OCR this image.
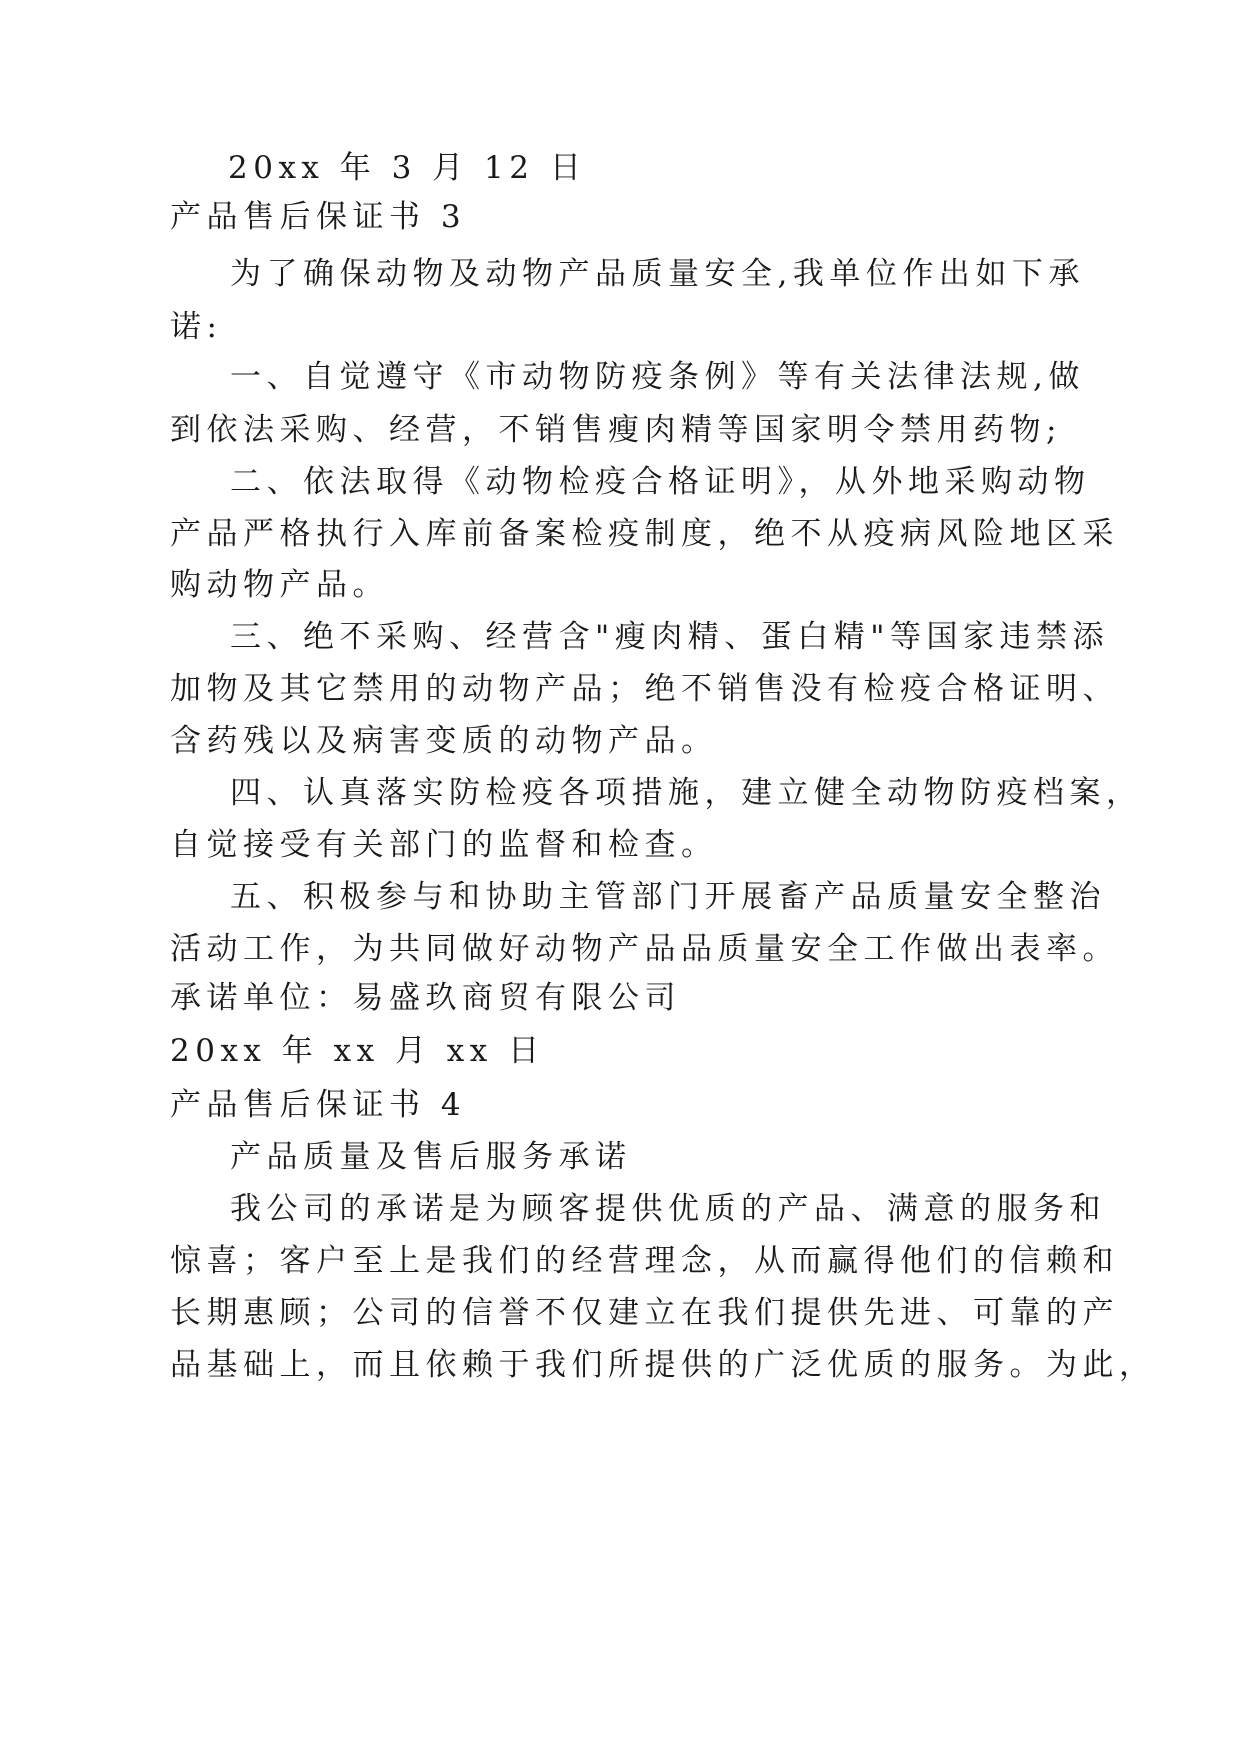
20xx 年 3 月 12 日

产品售后保证书 3

为了确保动物及动物产品质量安全,我单位作出如下承

诺:

一、自觉遵守《市动物防疫条例》等有关法律法规,做

到依法采购、经营，不销售瘦肉精等国家明令禁用药物;

二、依法取得《动物检疫合格证明》，从外地采购动物

产品严格执行入库前备案检疫制度，绝不从疫病风险地区采

购动物产品。

三、绝不采购、经营含"瘦肉精、蛋白精"等国家违禁添

加物及其它禁用的动物产品；绝不销售没有检疫合格证明、

含药残以及病害变质的动物产品。

四、认真落实防检疫各项措施，建立健全动物防疫档案，

自觉接受有关部门的监督和检查。

五、积极参与和协助主管部门开展畜产品质量安全整治

活动工作，为共同做好动物产品品质量安全工作做出表率。

承诺单位：易盛玖商贸有限公司

20xx 年 xx 月 xx 日

产品售后保证书 4

产品质量及售后服务承诺

我公司的承诺是为顾客提供优质的产品、满意的服务和

惊喜；客户至上是我们的经营理念，从而赢得他们的信赖和

长期惠顾；公司的信誉不仅建立在我们提供先进、可靠的产

品基础上，而且依赖于我们所提供的广泛优质的服务。为此，
